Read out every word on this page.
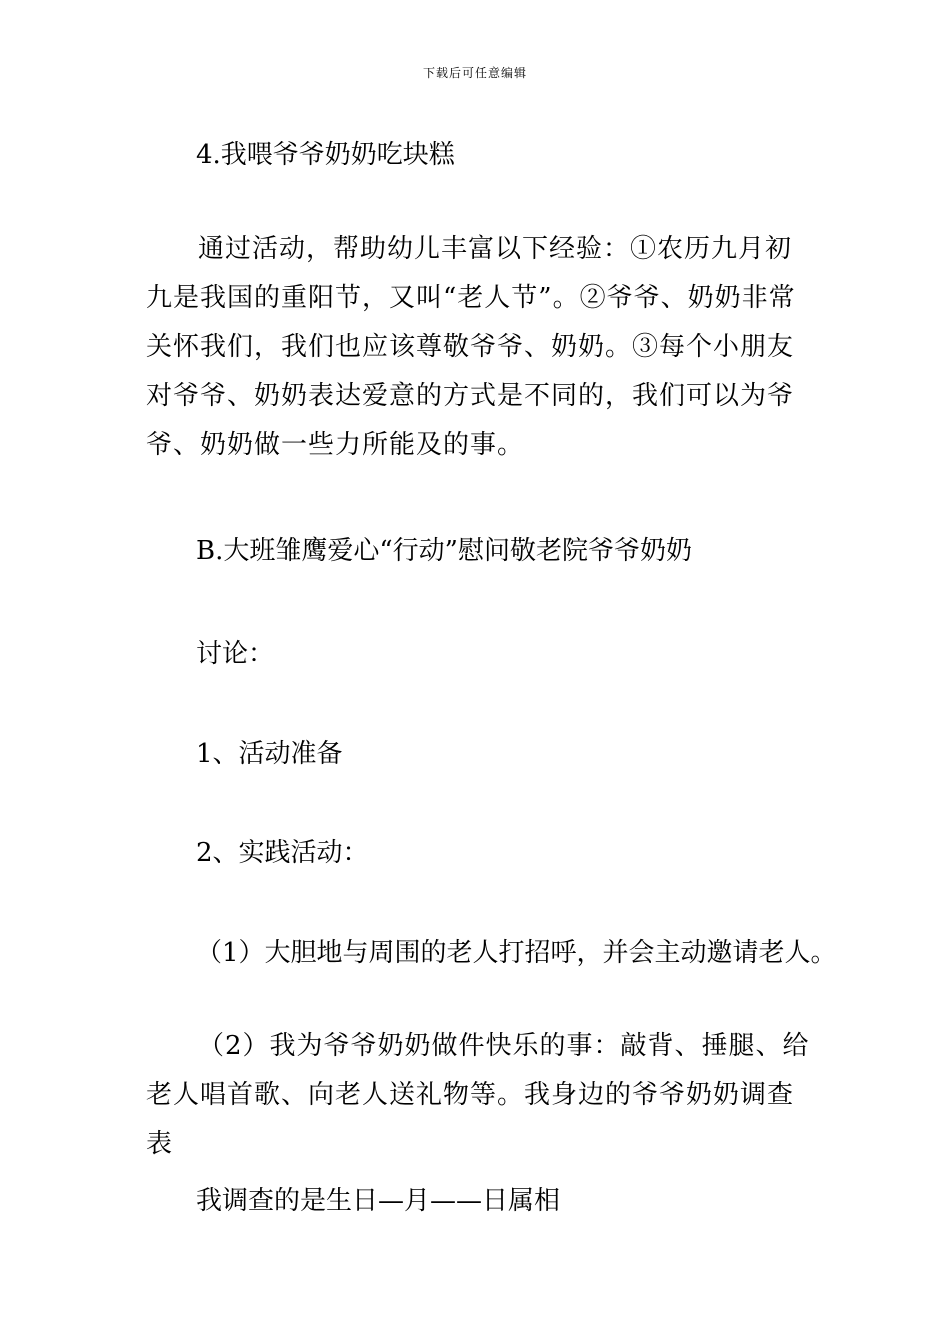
下载后可任意编辑
4.我喂爷爷奶奶吃块糕
通过活动，帮助幼儿丰富以下经验：①农历九月初九是我国的重阳节，又叫“老人节”。②爷爷、奶奶非常关怀我们，我们也应该尊敬爷爷、奶奶。③每个小朋友对爷爷、奶奶表达爱意的方式是不同的，我们可以为爷爷、奶奶做一些力所能及的事。
B.大班雏鹰爱心“行动”慰问敬老院爷爷奶奶
讨论：
1、活动准备
2、实践活动：
（1）大胆地与周围的老人打招呼，并会主动邀请老人。
（2）我为爷爷奶奶做件快乐的事：敲背、捶腿、给老人唱首歌、向老人送礼物等。我身边的爷爷奶奶调查表
我调查的是生日—月——日属相
